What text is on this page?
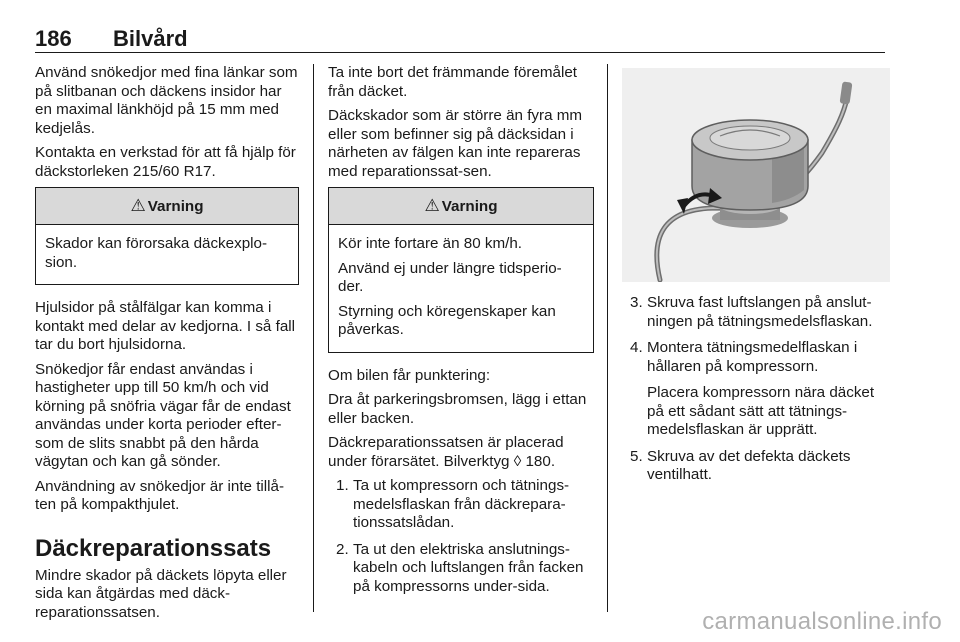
186 Bilvård

Använd snökedjor med fina länkar som på slitbanan och däckens insidor har en maximal länkhöjd på 15 mm med kedjelås.

Kontakta en verkstad för att få hjälp för däckstorleken 215/60 R17.

⚠ Varning

Skador kan förorsaka däckexplo-sion.

Hjulsidor på stålfälgar kan komma i kontakt med delar av kedjorna. I så fall tar du bort hjulsidorna.

Snökedjor får endast användas i hastigheter upp till 50 km/h och vid körning på snöfria vägar får de endast användas under korta perioder efter-som de slits snabbt på den hårda vägytan och kan gå sönder.

Användning av snökedjor är inte tillå-ten på kompakthjulet.

Däckreparationssats

Mindre skador på däckets löpyta eller sida kan åtgärdas med däck-reparationssatsen.

Ta inte bort det främmande föremålet från däcket.

Däckskador som är större än fyra mm eller som befinner sig på däcksidan i närheten av fälgen kan inte repareras med reparationssat-sen.

⚠ Varning

Kör inte fortare än 80 km/h.

Använd ej under längre tidsperio-der.

Styrning och köregenskaper kan påverkas.

Om bilen får punktering:

Dra åt parkeringsbromsen, lägg i ettan eller backen.

Däckreparationssatsen är placerad under förarsätet. Bilverktyg ◊ 180.

1. Ta ut kompressorn och tätnings-medelsflaskan från däckrepara-tionssatslådan.
2. Ta ut den elektriska anslutnings-kabeln och luftslangen från facken på kompressorns under-sida.
3. Skruva fast luftslangen på anslut-ningen på tätningsmedelsflaskan.
4. Montera tätningsmedelflaskan i hållaren på kompressorn.
Placera kompressorn nära däcket på ett sådant sätt att tätnings-medelsflaskan är upprätt.
5. Skruva av det defekta däckets ventilhatt.
carmanualsonline.info
